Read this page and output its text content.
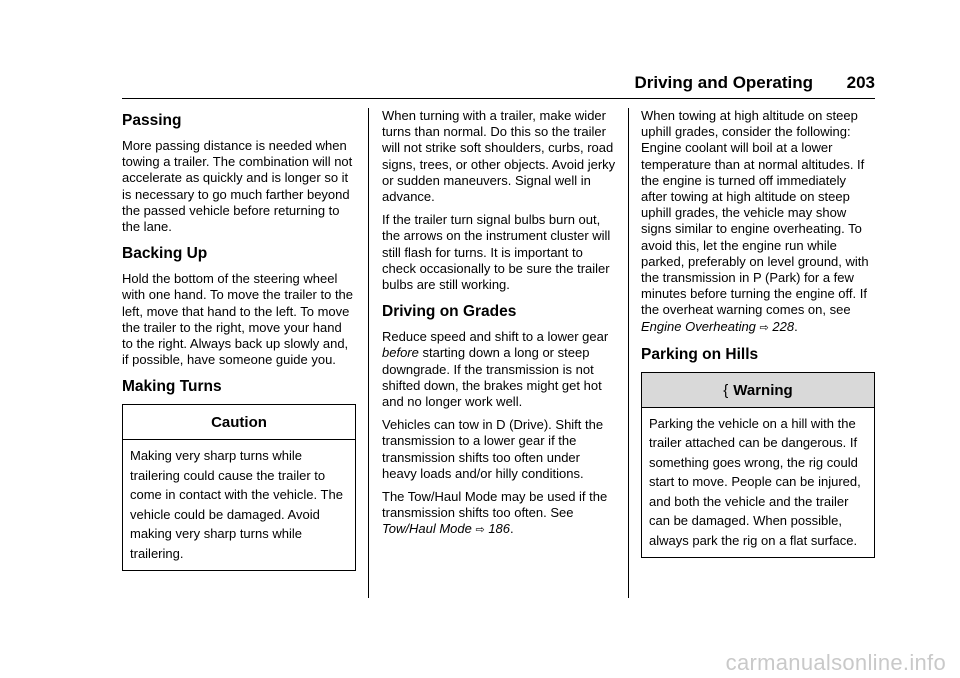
Driving and Operating 203
Passing

More passing distance is needed when towing a trailer. The combination will not accelerate as quickly and is longer so it is necessary to go much farther beyond the passed vehicle before returning to the lane.

Backing Up

Hold the bottom of the steering wheel with one hand. To move the trailer to the left, move that hand to the left. To move the trailer to the right, move your hand to the right. Always back up slowly and, if possible, have someone guide you.

Making Turns
Caution
Making very sharp turns while trailering could cause the trailer to come in contact with the vehicle. The vehicle could be damaged. Avoid making very sharp turns while trailering.

When turning with a trailer, make wider turns than normal. Do this so the trailer will not strike soft shoulders, curbs, road signs, trees, or other objects. Avoid jerky or sudden maneuvers. Signal well in advance.

If the trailer turn signal bulbs burn out, the arrows on the instrument cluster will still flash for turns. It is important to check occasionally to be sure the trailer bulbs are still working.

Driving on Grades

Reduce speed and shift to a lower gear before starting down a long or steep downgrade. If the transmission is not shifted down, the brakes might get hot and no longer work well.

Vehicles can tow in D (Drive). Shift the transmission to a lower gear if the transmission shifts too often under heavy loads and/or hilly conditions.

The Tow/Haul Mode may be used if the transmission shifts too often. See Tow/Haul Mode ⇨ 186.

When towing at high altitude on steep uphill grades, consider the following: Engine coolant will boil at a lower temperature than at normal altitudes. If the engine is turned off immediately after towing at high altitude on steep uphill grades, the vehicle may show signs similar to engine overheating. To avoid this, let the engine run while parked, preferably on level ground, with the transmission in P (Park) for a few minutes before turning the engine off. If the overheat warning comes on, see Engine Overheating ⇨ 228.

Parking on Hills
{ Warning
Parking the vehicle on a hill with the trailer attached can be dangerous. If something goes wrong, the rig could start to move. People can be injured, and both the vehicle and the trailer can be damaged. When possible, always park the rig on a flat surface.
carmanualsonline.info
